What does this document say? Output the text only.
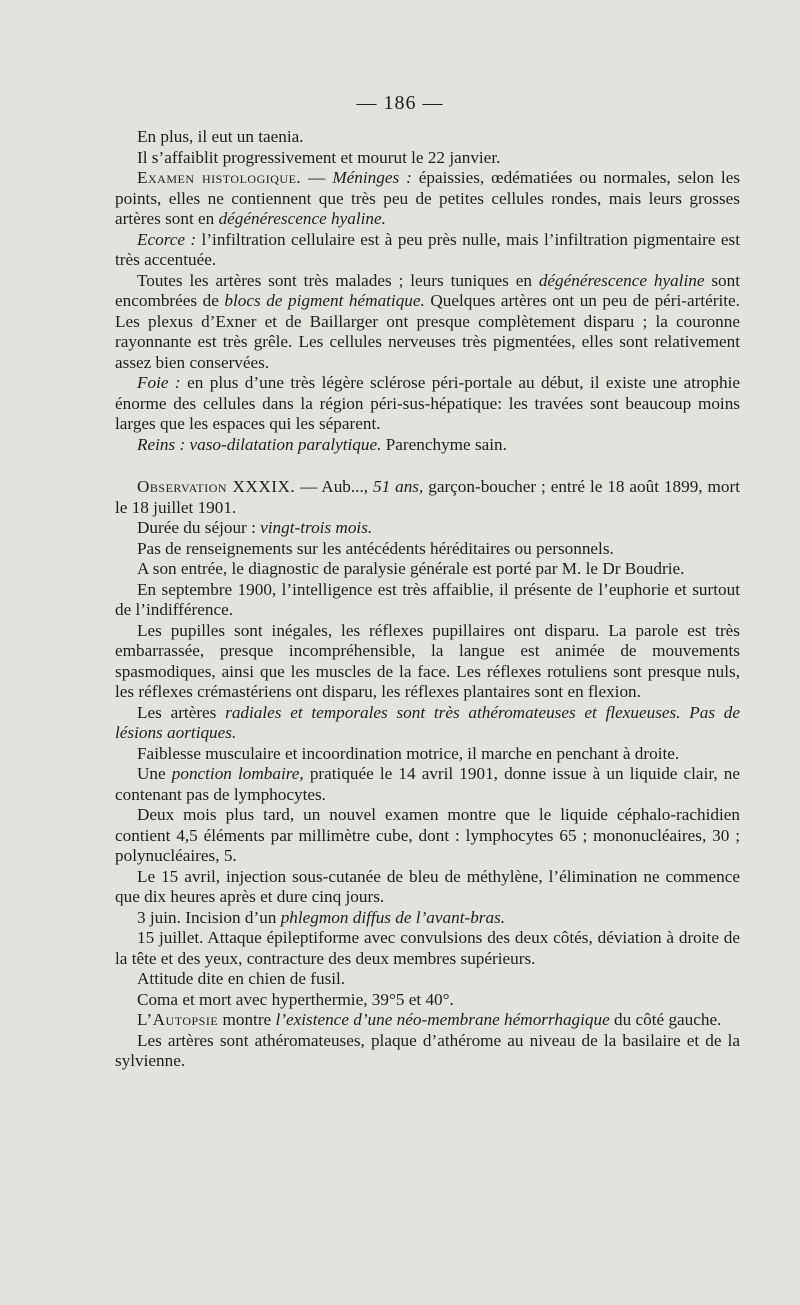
— 186 —

En plus, il eut un taenia.

Il s’affaiblit progressivement et mourut le 22 janvier.

Examen histologique. — Méninges : épaissies, œdématiées ou normales, selon les points, elles ne contiennent que très peu de petites cellules rondes, mais leurs grosses artères sont en dégénérescence hyaline.

Ecorce : l’infiltration cellulaire est à peu près nulle, mais l’infiltration pigmentaire est très accentuée.

Toutes les artères sont très malades ; leurs tuniques en dégénérescence hyaline sont encombrées de blocs de pigment hématique. Quelques artères ont un peu de péri-artérite. Les plexus d’Exner et de Baillarger ont presque complètement disparu ; la couronne rayonnante est très grêle. Les cellules nerveuses très pigmentées, elles sont relativement assez bien conservées.

Foie : en plus d’une très légère sclérose péri-portale au début, il existe une atrophie énorme des cellules dans la région péri-sus-hépatique: les travées sont beaucoup moins larges que les espaces qui les séparent.

Reins : vaso-dilatation paralytique. Parenchyme sain.

Observation XXXIX. — Aub..., 51 ans, garçon-boucher ; entré le 18 août 1899, mort le 18 juillet 1901.

Durée du séjour : vingt-trois mois.

Pas de renseignements sur les antécédents héréditaires ou personnels.

A son entrée, le diagnostic de paralysie générale est porté par M. le Dr Boudrie.

En septembre 1900, l’intelligence est très affaiblie, il présente de l’euphorie et surtout de l’indifférence.

Les pupilles sont inégales, les réflexes pupillaires ont disparu. La parole est très embarrassée, presque incompréhensible, la langue est animée de mouvements spasmodiques, ainsi que les muscles de la face. Les réflexes rotuliens sont presque nuls, les réflexes crémastériens ont disparu, les réflexes plantaires sont en flexion.

Les artères radiales et temporales sont très athéromateuses et flexueuses. Pas de lésions aortiques.

Faiblesse musculaire et incoordination motrice, il marche en penchant à droite.

Une ponction lombaire, pratiquée le 14 avril 1901, donne issue à un liquide clair, ne contenant pas de lymphocytes.

Deux mois plus tard, un nouvel examen montre que le liquide céphalo-rachidien contient 4,5 éléments par millimètre cube, dont : lymphocytes 65 ; mononucléaires, 30 ; polynucléaires, 5.

Le 15 avril, injection sous-cutanée de bleu de méthylène, l’élimination ne commence que dix heures après et dure cinq jours.

3 juin. Incision d’un phlegmon diffus de l’avant-bras.

15 juillet. Attaque épileptiforme avec convulsions des deux côtés, déviation à droite de la tête et des yeux, contracture des deux membres supérieurs.

Attitude dite en chien de fusil.

Coma et mort avec hyperthermie, 39°5 et 40°.

L’Autopsie montre l’existence d’une néo-membrane hémorrhagique du côté gauche.

Les artères sont athéromateuses, plaque d’athérome au niveau de la basilaire et de la sylvienne.
